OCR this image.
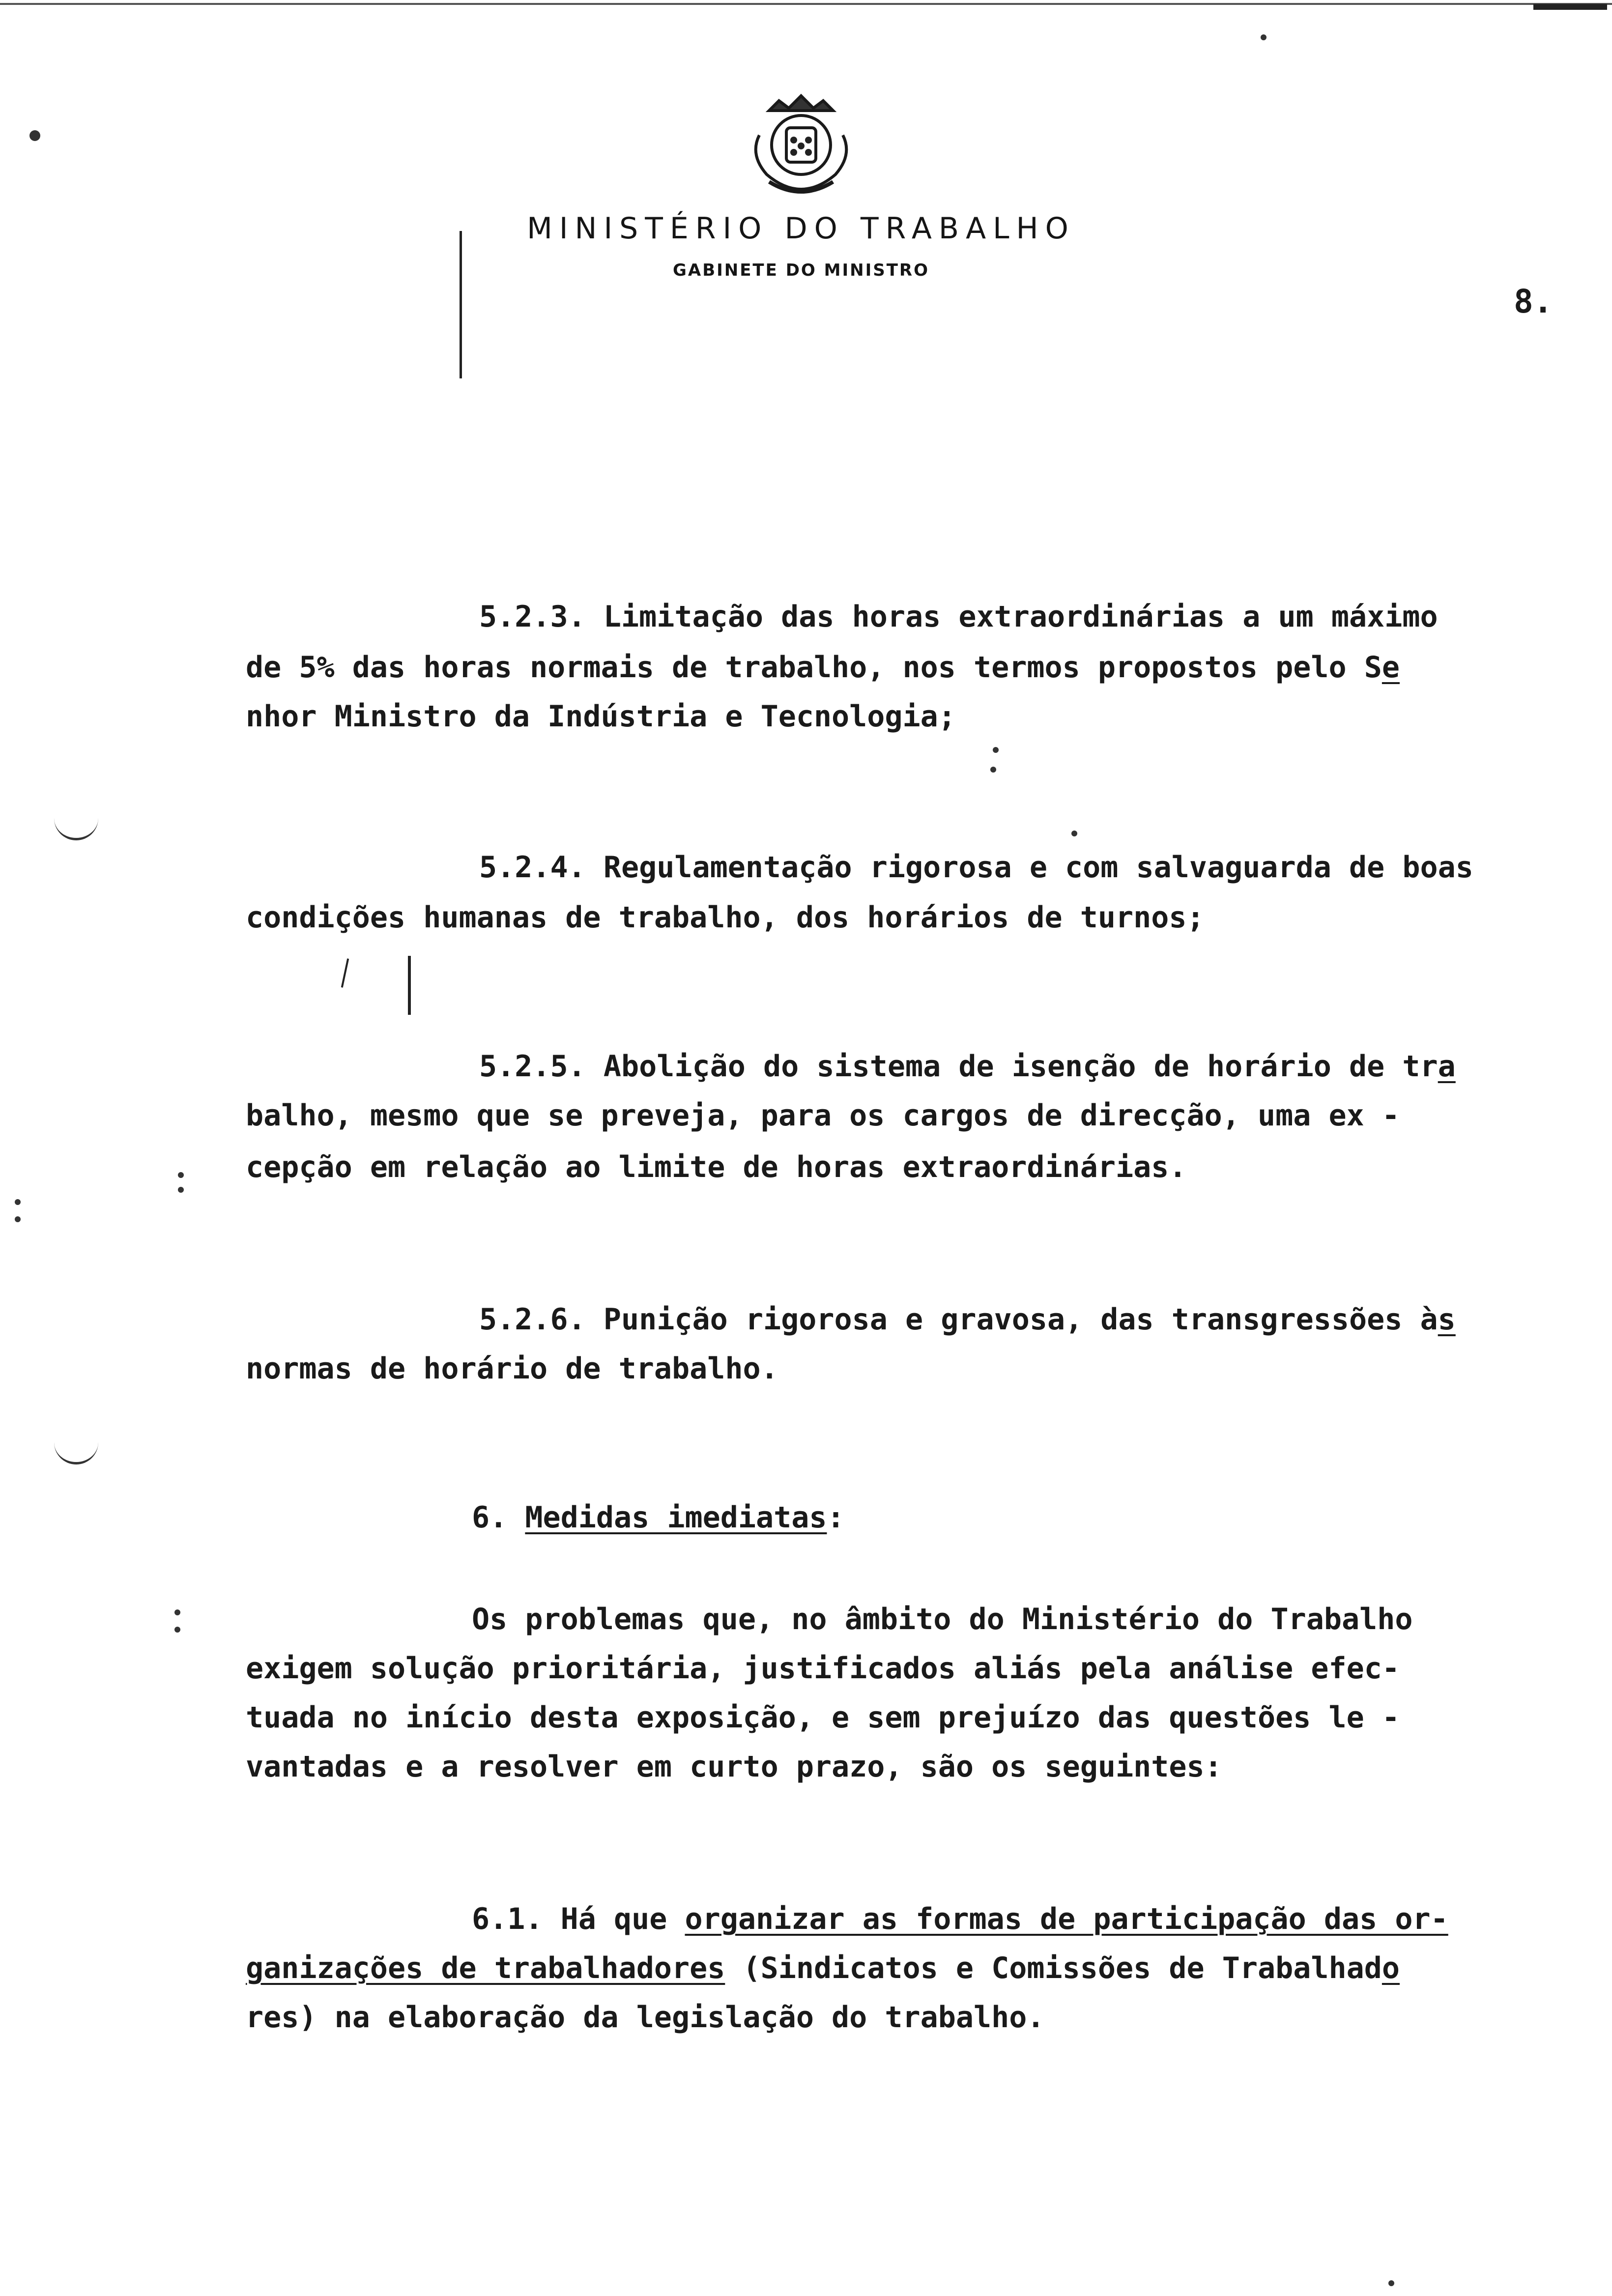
MINISTÉRIO DO TRABALHO
GABINETE DO MINISTRO
8.
5.2.3. Limitação das horas extraordinárias a um máximo
de 5% das horas normais de trabalho, nos termos propostos pelo Se
nhor Ministro da Indústria e Tecnologia;
5.2.4. Regulamentação rigorosa e com salvaguarda de boas
condições humanas de trabalho, dos horários de turnos;
5.2.5. Abolição do sistema de isenção de horário de tra
balho, mesmo que se preveja, para os cargos de direcção, uma ex -
cepção em relação ao limite de horas extraordinárias.
5.2.6. Punição rigorosa e gravosa, das transgressões às
normas de horário de trabalho.
6. Medidas imediatas:
Os problemas que, no âmbito do Ministério do Trabalho
exigem solução prioritária, justificados aliás pela análise efec-
tuada no início desta exposição, e sem prejuízo das questões le -
vantadas e a resolver em curto prazo, são os seguintes:
6.1. Há que organizar as formas de participação das or-
ganizações de trabalhadores (Sindicatos e Comissões de Trabalhado
res) na elaboração da legislação do trabalho.
